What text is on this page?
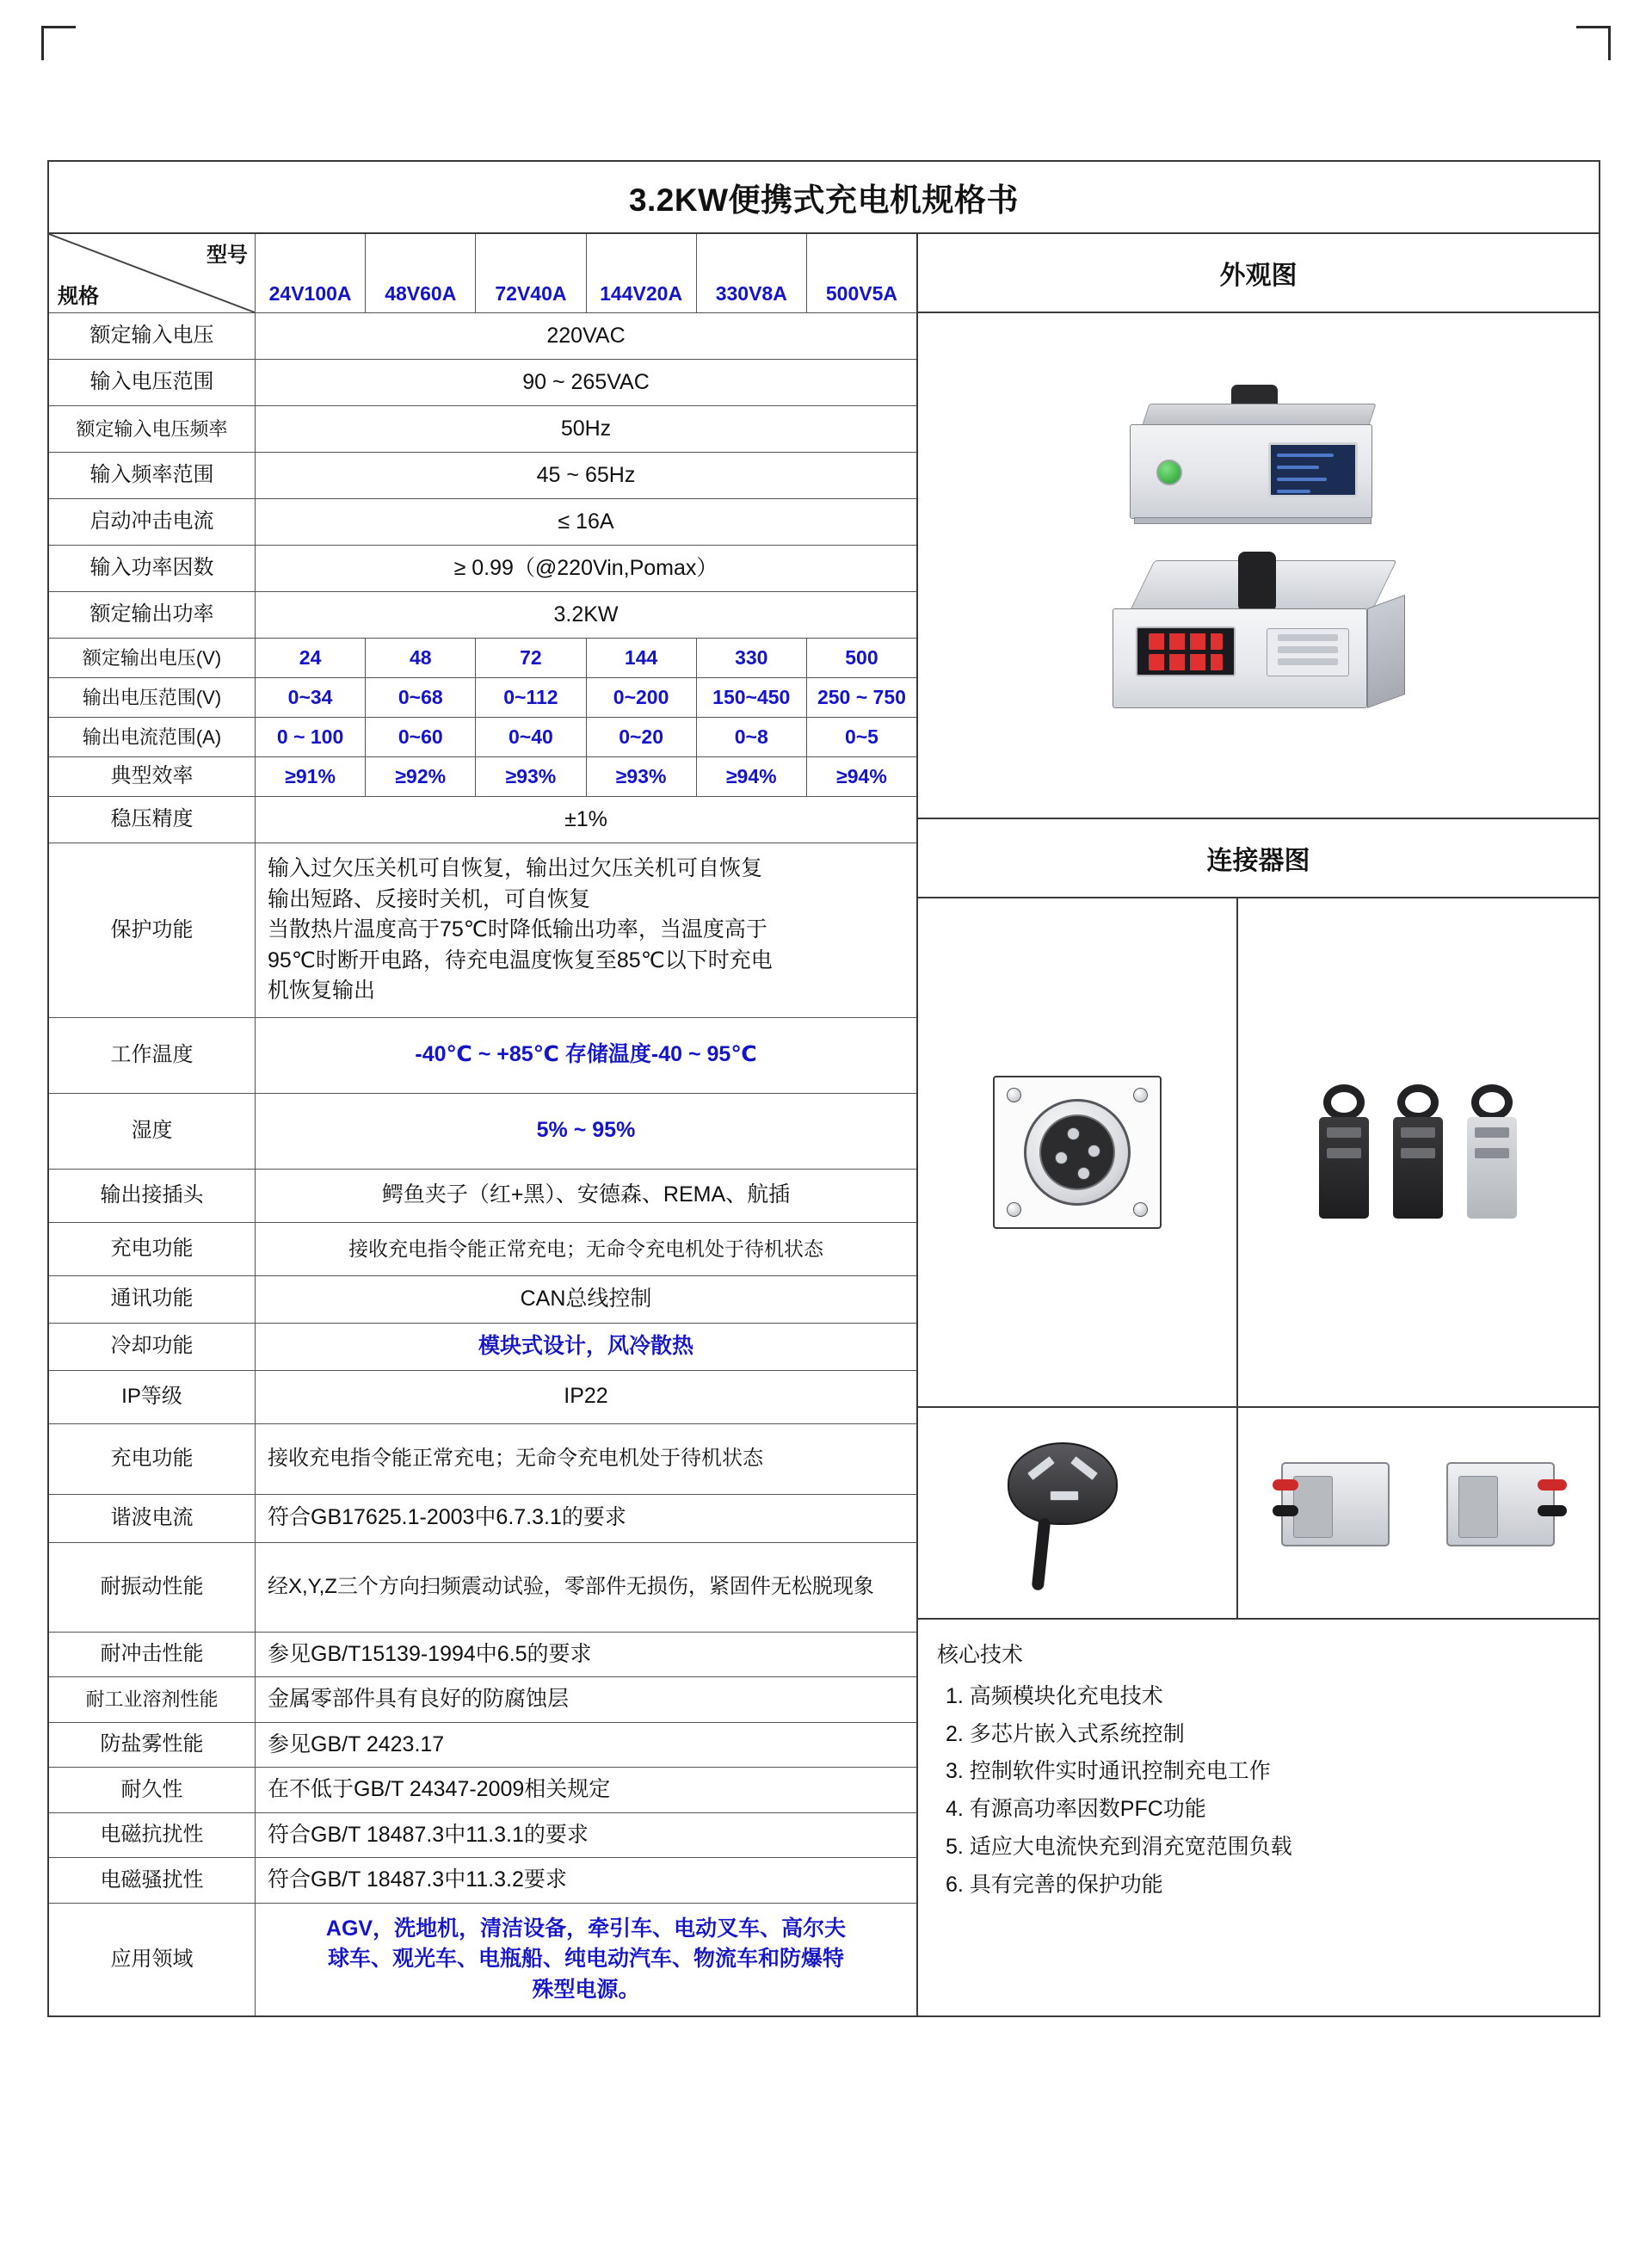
3.2KW便携式充电机规格书
型号
规格	24V100A	48V60A	72V40A	144V20A	330V8A	500V5A
额定输入电压	220VAC
输入电压范围	90 ~ 265VAC
额定输入电压频率	50Hz
输入频率范围	45 ~ 65Hz
启动冲击电流	≤ 16A
输入功率因数	≥ 0.99（@220Vin,Pomax）
额定输出功率	3.2KW
额定输出电压(V)	24	48	72	144	330	500
输出电压范围(V)	0~34	0~68	0~112	0~200	150~450	250 ~ 750
输出电流范围(A)	0 ~ 100	0~60	0~40	0~20	0~8	0~5
典型效率	≥91%	≥92%	≥93%	≥93%	≥94%	≥94%
稳压精度	±1%
保护功能
输入过欠压关机可自恢复，输出过欠压关机可自恢复
输出短路、反接时关机，可自恢复
当散热片温度高于75℃时降低输出功率，当温度高于
95℃时断开电路，待充电温度恢复至85℃以下时充电
机恢复输出
工作温度	-40℃ ~ +85℃ 存储温度-40 ~ 95℃
湿度	5% ~ 95%
输出接插头	鳄鱼夹子（红+黑）、安德森、REMA、航插
充电功能	接收充电指令能正常充电；无命令充电机处于待机状态
通讯功能	CAN总线控制
冷却功能	模块式设计，风冷散热
IP等级	IP22
充电功能	接收充电指令能正常充电；无命令充电机处于待机状态
谐波电流	符合GB17625.1-2003中6.7.3.1的要求
耐振动性能	经X,Y,Z三个方向扫频震动试验，零部件无损伤，紧固件无松脱现象
耐冲击性能	参见GB/T15139-1994中6.5的要求
耐工业溶剂性能	金属零部件具有良好的防腐蚀层
防盐雾性能	参见GB/T 2423.17
耐久性	在不低于GB/T 24347-2009相关规定
电磁抗扰性	符合GB/T 18487.3中11.3.1的要求
电磁骚扰性	符合GB/T 18487.3中11.3.2要求
应用领域
AGV，洗地机，清洁设备，牵引车、电动叉车、高尔夫
球车、观光车、电瓶船、纯电动汽车、物流车和防爆特
殊型电源。
外观图
连接器图
核心技术
1. 高频模块化充电技术
2. 多芯片嵌入式系统控制
3. 控制软件实时通讯控制充电工作
4. 有源高功率因数PFC功能
5. 适应大电流快充到涓充宽范围负载
6. 具有完善的保护功能
